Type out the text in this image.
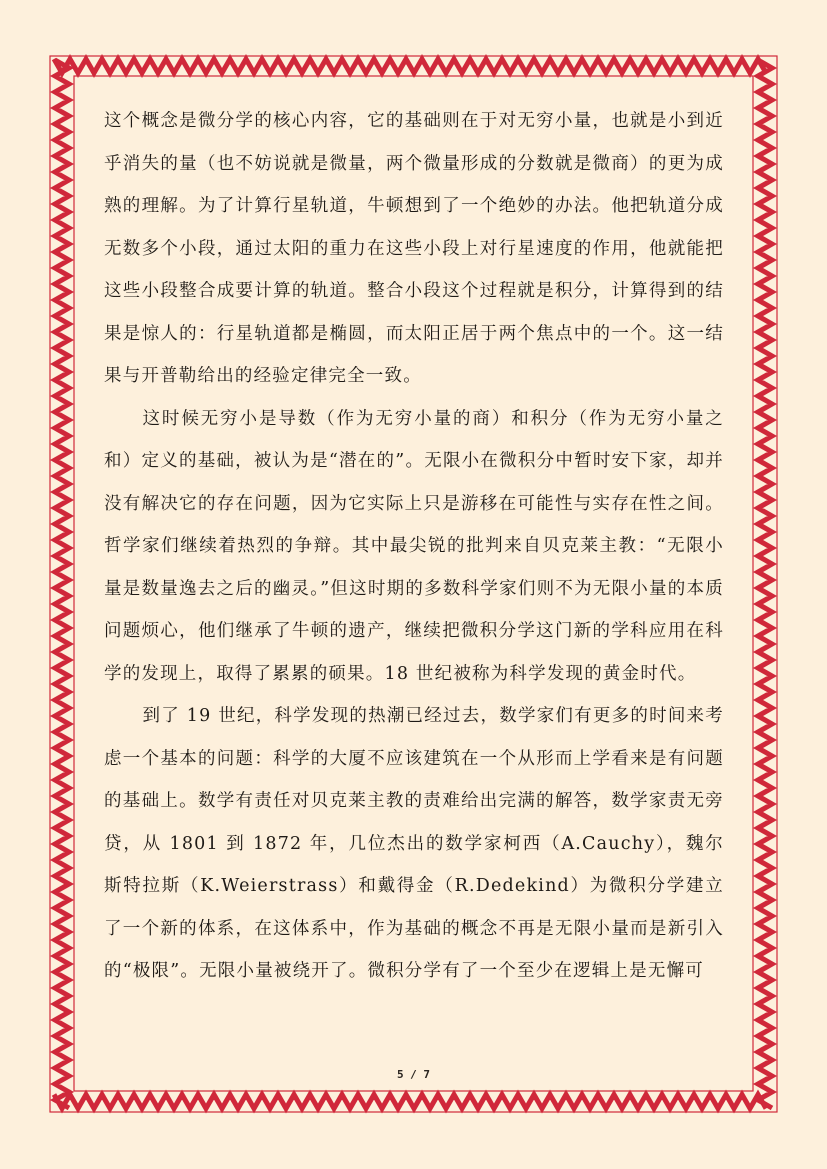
这个概念是微分学的核心内容，它的基础则在于对无穷小量，也就是小到近乎消失的量（也不妨说就是微量，两个微量形成的分数就是微商）的更为成熟的理解。为了计算行星轨道，牛顿想到了一个绝妙的办法。他把轨道分成无数多个小段，通过太阳的重力在这些小段上对行星速度的作用，他就能把这些小段整合成要计算的轨道。整合小段这个过程就是积分，计算得到的结果是惊人的：行星轨道都是椭圆，而太阳正居于两个焦点中的一个。这一结果与开普勒给出的经验定律完全一致。

这时候无穷小是导数（作为无穷小量的商）和积分（作为无穷小量之和）定义的基础，被认为是“潜在的”。无限小在微积分中暂时安下家，却并没有解决它的存在问题，因为它实际上只是游移在可能性与实存在性之间。哲学家们继续着热烈的争辩。其中最尖锐的批判来自贝克莱主教：“无限小量是数量逸去之后的幽灵。”但这时期的多数科学家们则不为无限小量的本质问题烦心，他们继承了牛顿的遗产，继续把微积分学这门新的学科应用在科学的发现上，取得了累累的硕果。18 世纪被称为科学发现的黄金时代。

到了 19 世纪，科学发现的热潮已经过去，数学家们有更多的时间来考虑一个基本的问题：科学的大厦不应该建筑在一个从形而上学看来是有问题的基础上。数学有责任对贝克莱主教的责难给出完满的解答，数学家责无旁贷，从 1801 到 1872 年，几位杰出的数学家柯西（A.Cauchy），魏尔斯特拉斯（K.Weierstrass）和戴得金（R.Dedekind）为微积分学建立了一个新的体系，在这体系中，作为基础的概念不再是无限小量而是新引入的“极限”。无限小量被绕开了。微积分学有了一个至少在逻辑上是无懈可

5 / 7
